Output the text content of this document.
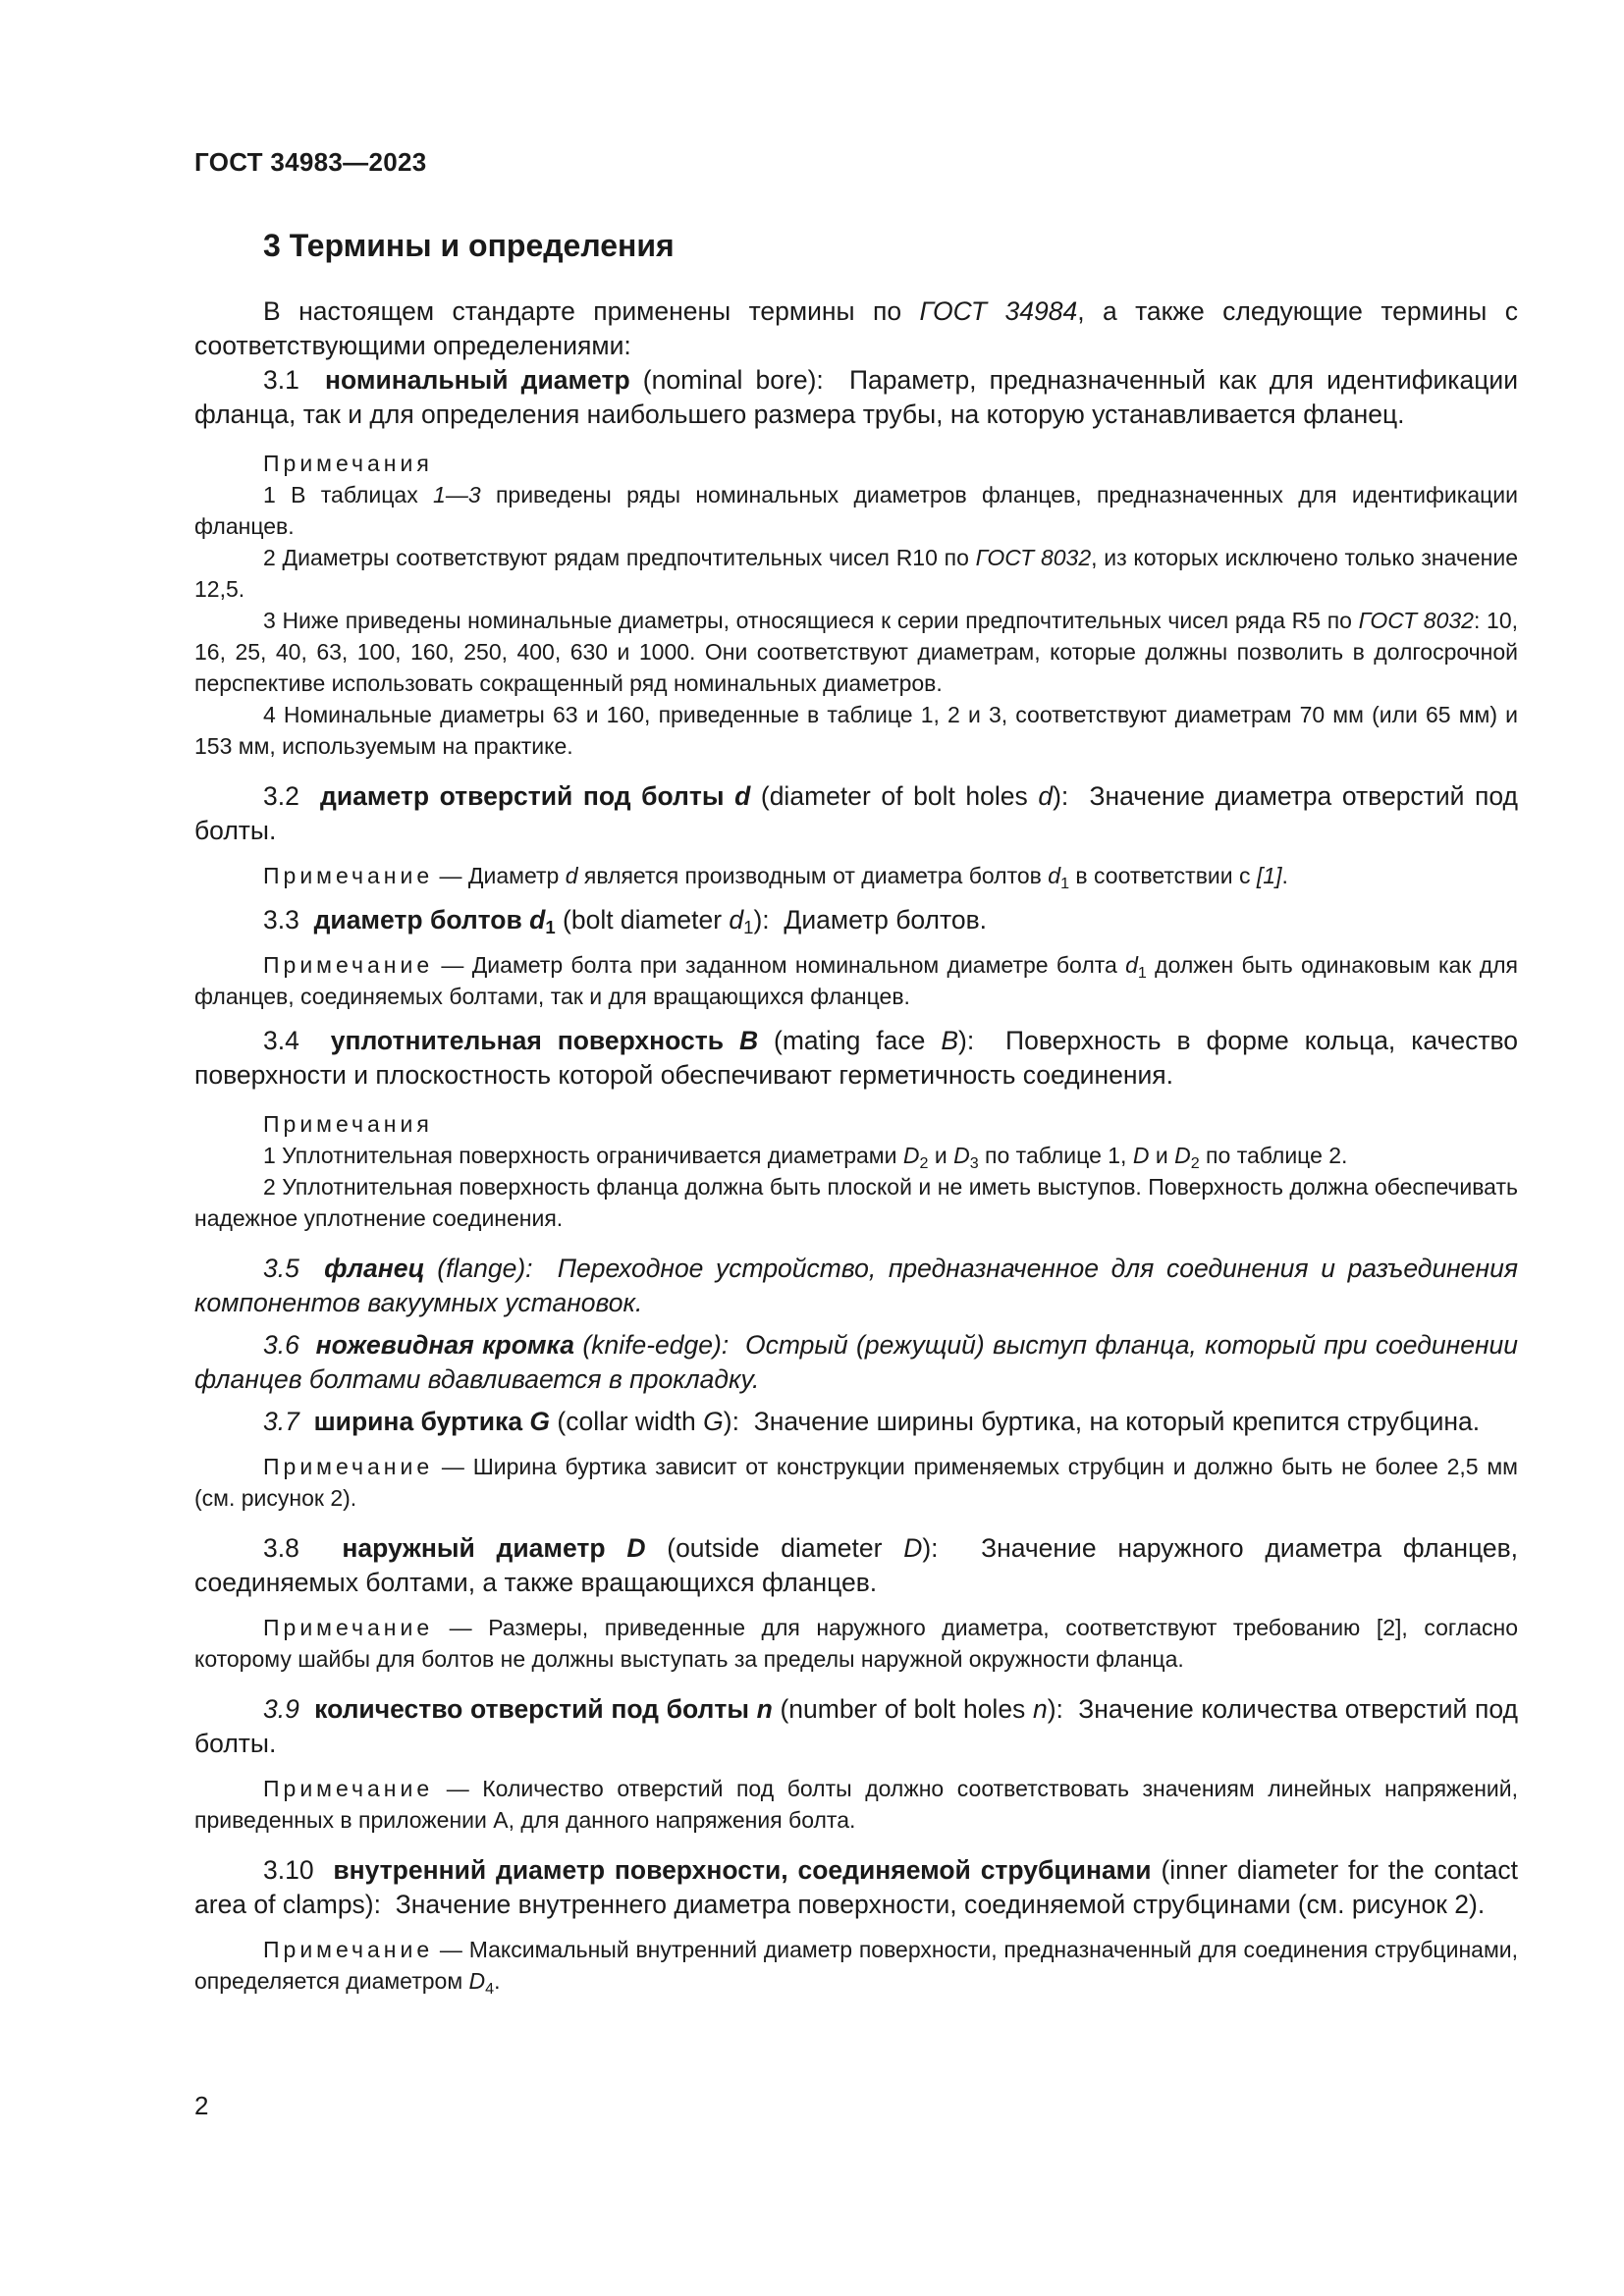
ГОСТ 34983—2023
3 Термины и определения

В настоящем стандарте применены термины по ГОСТ 34984, а также следующие термины с соответствующими определениями:

3.1 номинальный диаметр (nominal bore): Параметр, предназначенный как для идентификации фланца, так и для определения наибольшего размера трубы, на которую устанавливается фланец.

Примечания

1 В таблицах 1—3 приведены ряды номинальных диаметров фланцев, предназначенных для идентификации фланцев.

2 Диаметры соответствуют рядам предпочтительных чисел R10 по ГОСТ 8032, из которых исключено только значение 12,5.

3 Ниже приведены номинальные диаметры, относящиеся к серии предпочтительных чисел ряда R5 по ГОСТ 8032: 10, 16, 25, 40, 63, 100, 160, 250, 400, 630 и 1000. Они соответствуют диаметрам, которые должны позволить в долгосрочной перспективе использовать сокращенный ряд номинальных диаметров.

4 Номинальные диаметры 63 и 160, приведенные в таблице 1, 2 и 3, соответствуют диаметрам 70 мм (или 65 мм) и 153 мм, используемым на практике.

3.2 диаметр отверстий под болты d (diameter of bolt holes d): Значение диаметра отверстий под болты.

Примечание — Диаметр d является производным от диаметра болтов $d_1$ в соответствии с [1].

3.3 диаметр болтов $d_1$ (bolt diameter $d_1$): Диаметр болтов.

Примечание — Диаметр болта при заданном номинальном диаметре болта $d_1$ должен быть одинаковым как для фланцев, соединяемых болтами, так и для вращающихся фланцев.

3.4 уплотнительная поверхность B (mating face B): Поверхность в форме кольца, качество поверхности и плоскостность которой обеспечивают герметичность соединения.

Примечания

1 Уплотнительная поверхность ограничивается диаметрами $D_2$ и $D_3$ по таблице 1, D и $D_2$ по таблице 2.

2 Уплотнительная поверхность фланца должна быть плоской и не иметь выступов. Поверхность должна обеспечивать надежное уплотнение соединения.

3.5 фланец (flange): Переходное устройство, предназначенное для соединения и разъединения компонентов вакуумных установок.

3.6 ножевидная кромка (knife-edge): Острый (режущий) выступ фланца, который при соединении фланцев болтами вдавливается в прокладку.

3.7 ширина буртика G (collar width G): Значение ширины буртика, на который крепится струбцина.

Примечание — Ширина буртика зависит от конструкции применяемых струбцин и должно быть не более 2,5 мм (см. рисунок 2).

3.8 наружный диаметр D (outside diameter D): Значение наружного диаметра фланцев, соединяемых болтами, а также вращающихся фланцев.

Примечание — Размеры, приведенные для наружного диаметра, соответствуют требованию [2], согласно которому шайбы для болтов не должны выступать за пределы наружной окружности фланца.

3.9 количество отверстий под болты n (number of bolt holes n): Значение количества отверстий под болты.

Примечание — Количество отверстий под болты должно соответствовать значениям линейных напряжений, приведенных в приложении А, для данного напряжения болта.

3.10 внутренний диаметр поверхности, соединяемой струбцинами (inner diameter for the contact area of clamps): Значение внутреннего диаметра поверхности, соединяемой струбцинами (см. рисунок 2).

Примечание — Максимальный внутренний диаметр поверхности, предназначенный для соединения струбцинами, определяется диаметром $D_4$.

2
